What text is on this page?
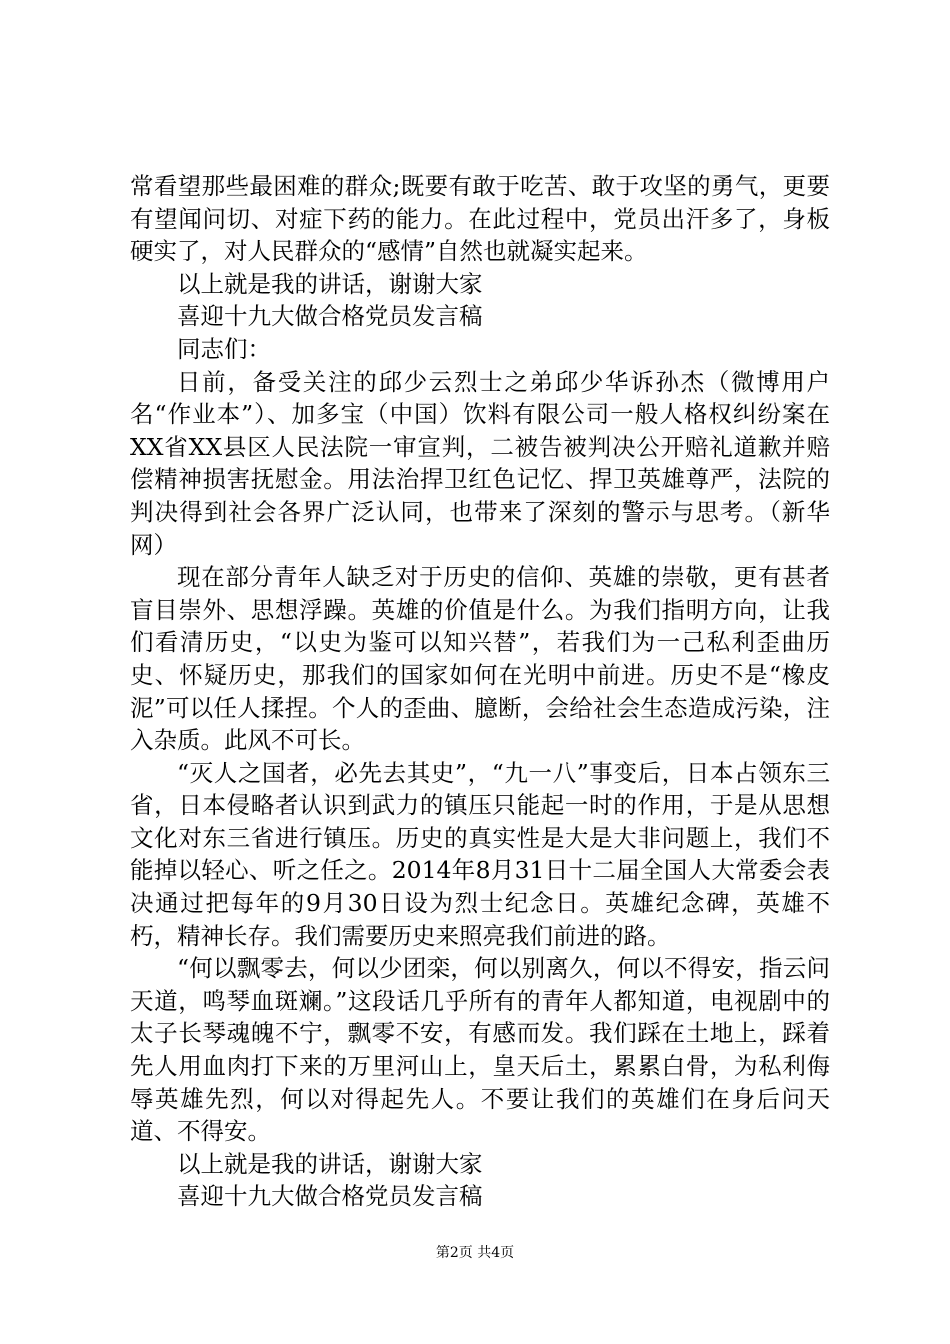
常看望那些最困难的群众;既要有敢于吃苦、敢于攻坚的勇气，更要有望闻问切、对症下药的能力。在此过程中，党员出汗多了，身板硬实了，对人民群众的“感情”自然也就凝实起来。

以上就是我的讲话，谢谢大家

喜迎十九大做合格党员发言稿

同志们：

日前，备受关注的邱少云烈士之弟邱少华诉孙杰（微博用户名“作业本”）、加多宝（中国）饮料有限公司一般人格权纠纷案在XX省XX县区人民法院一审宣判，二被告被判决公开赔礼道歉并赔偿精神损害抚慰金。用法治捍卫红色记忆、捍卫英雄尊严，法院的判决得到社会各界广泛认同，也带来了深刻的警示与思考。（新华网）

现在部分青年人缺乏对于历史的信仰、英雄的崇敬，更有甚者盲目崇外、思想浮躁。英雄的价值是什么。为我们指明方向，让我们看清历史，“以史为鉴可以知兴替”，若我们为一己私利歪曲历史、怀疑历史，那我们的国家如何在光明中前进。历史不是“橡皮泥”可以任人揉捏。个人的歪曲、臆断，会给社会生态造成污染，注入杂质。此风不可长。

“灭人之国者，必先去其史”，“九一八”事变后，日本占领东三省，日本侵略者认识到武力的镇压只能起一时的作用，于是从思想文化对东三省进行镇压。历史的真实性是大是大非问题上，我们不能掉以轻心、听之任之。2014年8月31日十二届全国人大常委会表决通过把每年的9月30日设为烈士纪念日。英雄纪念碑，英雄不朽，精神长存。我们需要历史来照亮我们前进的路。

“何以飘零去，何以少团栾，何以别离久，何以不得安，指云问天道，鸣琴血斑斓。”这段话几乎所有的青年人都知道，电视剧中的太子长琴魂魄不宁，飘零不安，有感而发。我们踩在土地上，踩着先人用血肉打下来的万里河山上，皇天后土，累累白骨，为私利侮辱英雄先烈，何以对得起先人。不要让我们的英雄们在身后问天道、不得安。

以上就是我的讲话，谢谢大家

喜迎十九大做合格党员发言稿

第2页 共4页
